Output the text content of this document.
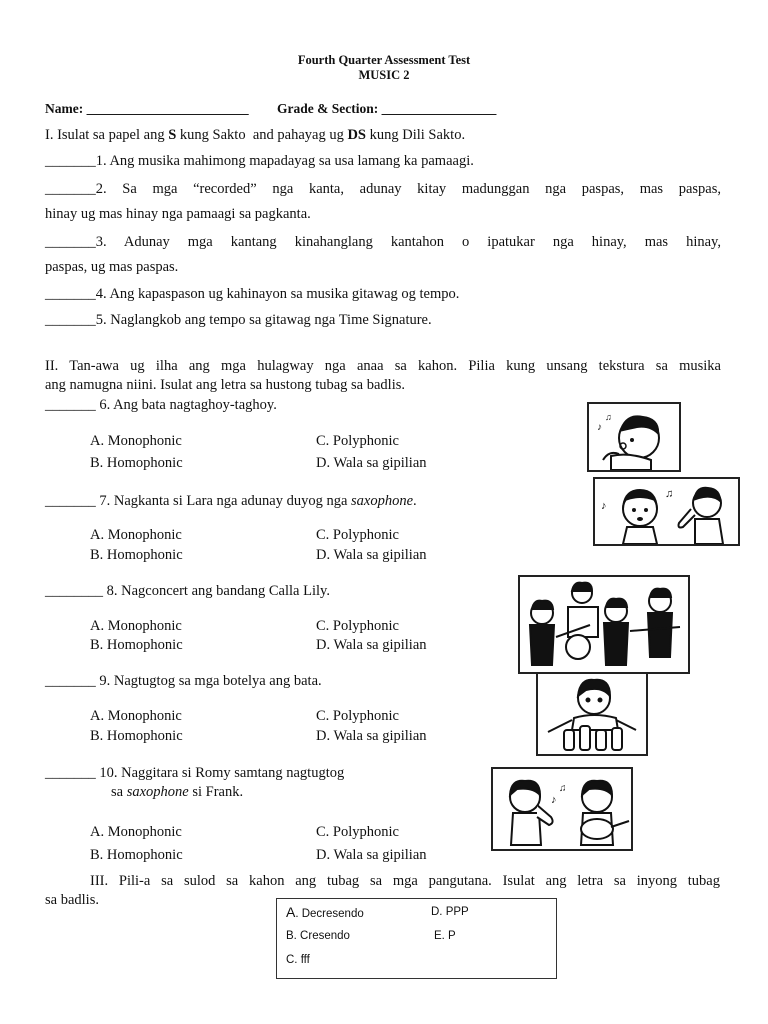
Fourth Quarter Assessment Test
MUSIC 2
Name: ________________________ Grade & Section: _________________
I. Isulat sa papel ang S kung Sakto  and pahayag ug DS kung Dili Sakto.
_______1. Ang musika mahimong mapadayag sa usa lamang ka pamaagi.
_______2. Sa mga “recorded” nga kanta, adunay kitay madunggan nga paspas, mas paspas,
hinay ug mas hinay nga pamaagi sa pagkanta.
_______3. Adunay mga kantang kinahanglang kantahon o ipatukar nga hinay, mas hinay,
paspas, ug mas paspas.
_______4. Ang kapaspason ug kahinayon sa musika gitawag og tempo.
_______5. Naglangkob ang tempo sa gitawag nga Time Signature.
II. Tan-awa ug ilha ang mga hulagway nga anaa sa kahon. Pilia kung unsang tekstura sa musika
ang namugna niini. Isulat ang letra sa hustong tubag sa badlis.
_______ 6. Ang bata nagtaghoy-taghoy.
A. Monophonic	C. Polyphonic
B. Homophonic	D. Wala sa gipilian
♪
♫
_______ 7. Nagkanta si Lara nga adunay duyog nga saxophone.
A. Monophonic	C. Polyphonic
B. Homophonic	D. Wala sa gipilian
♪
♫
________ 8. Nagconcert ang bandang Calla Lily.
A. Monophonic	C. Polyphonic
B. Homophonic	D. Wala sa gipilian
_______ 9. Nagtugtog sa mga botelya ang bata.
A. Monophonic	C. Polyphonic
B. Homophonic	D. Wala sa gipilian
_______ 10. Naggitara si Romy samtang nagtugtog
sa saxophone si Frank.
A. Monophonic	C. Polyphonic
B. Homophonic	D. Wala sa gipilian
♪
♫
III. Pili-a sa sulod sa kahon ang tubag sa mga pangutana. Isulat ang letra sa inyong tubag
sa badlis.
A. Decresendo	D. PPP
B. Cresendo	E. P
C. fff
